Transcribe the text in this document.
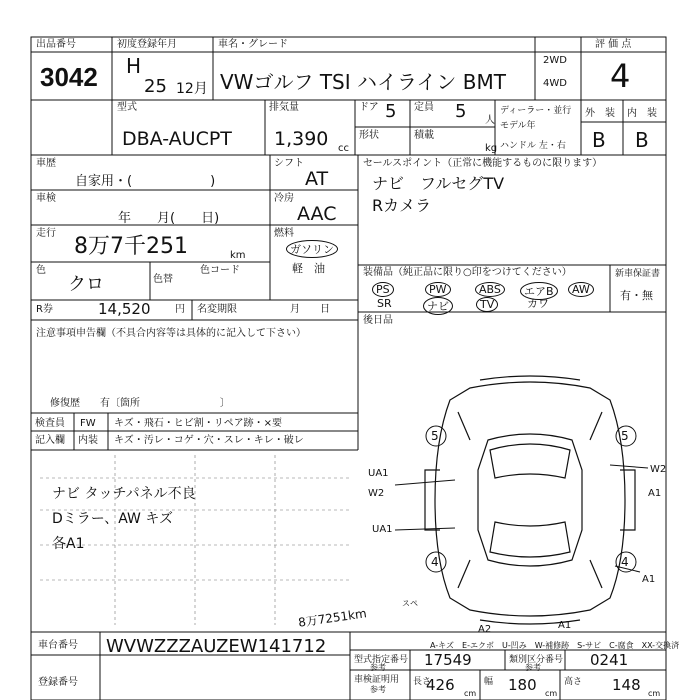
出品番号
3042
初度登録年月
H
25 12月
車名・グレード
VWゴルフ TSI ハイライン BMT
2WD
4WD
評 価 点
4
型式
DBA-AUCPT
排気量
1,390 cc
ドア 5 定員 5 人
形状	積載
kg
ディーラー・並行
モデル年
ハンドル 左・右
外　装 内　装
B B
車歴
自家用・(　　　　　　)
車検
年　　月(　　日)
走行
8万7千251	km
色
クロ	色替
色コード
シフト
AT
冷房
AAC
燃料
ガソリン
軽　油
R券	14,520 円 名変期限	月　　日
セールスポイント（正常に機能するものに限ります）
ナビ　フルセグTV
Rカメラ
装備品（純正品に限り○印をつけてください）
PS	PW	ABS	エアB	AW
SR	ナビ	TV	カワ
新車保証書
有・無
注意事項申告欄（不具合内容等は具体的に記入して下さい）
修復歴　　有〔箇所　　　　　　　　〕
後日品
検査員
記入欄
FW
内装
キズ・飛石・ヒビ割・リペア跡・×要
キズ・汚レ・コゲ・穴・スレ・キレ・破レ
ナビ タッチパネル不良
Dミラー、AW キズ
各A1
5	5
4	4
UA1
W2
UA1
W2
A1
A1
A2	A1
スペ
8万7251km
A-キズ　E-エクボ　U-凹み　W-補修跡　S-サビ　C-腐食　XX-交換済
車台番号 WVWZZZAUZEW141712
登録番号
型式指定番号
参考	17549	類別区分番号
参考	0241
車検証明用
参考
長さ
426 cm
幅 180 cm
高さ 148 cm
